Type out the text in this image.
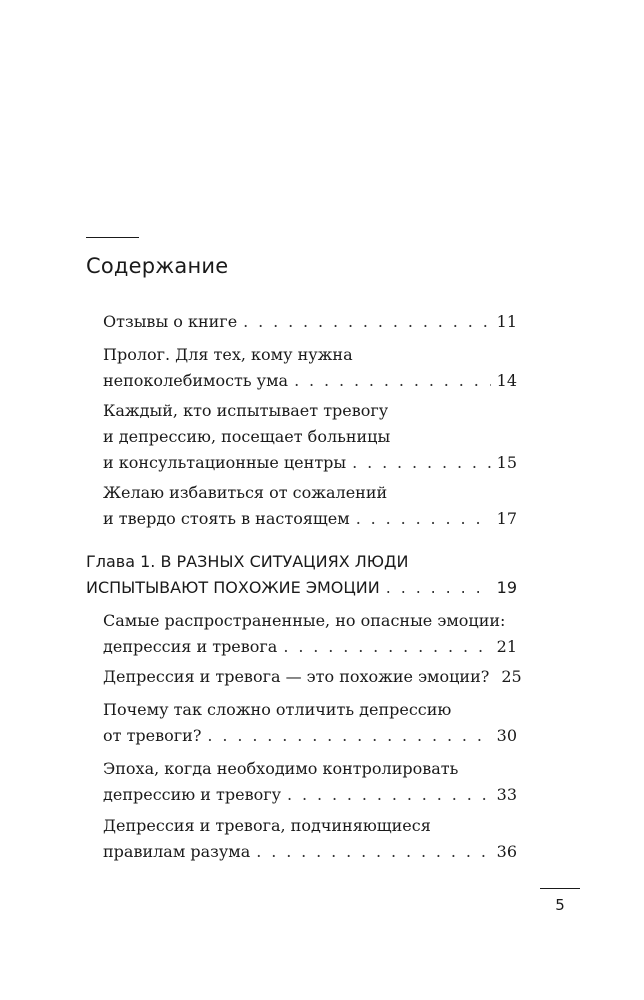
Содержание
Отзывы о книге . . .	11
Пролог. Для тех, кому нужна
непоколебимость ума . . .	14
Каждый, кто испытывает тревогу
и депрессию, посещает больницы
и консультационные центры . . .	15
Желаю избавиться от сожалений
и твердо стоять в настоящем . . .	17
Глава 1. В РАЗНЫХ СИТУАЦИЯХ ЛЮДИ
ИСПЫТЫВАЮТ ПОХОЖИЕ ЭМОЦИИ . . .	19
Самые распространенные, но опасные эмоции:
депрессия и тревога . . .	21
Депрессия и тревога — это похожие эмоции? 25
Почему так сложно отличить депрессию
от тревоги? . . .	30
Эпоха, когда необходимо контролировать
депрессию и тревогу . . .	33
Депрессия и тревога, подчиняющиеся
правилам разума . . .	36
5
